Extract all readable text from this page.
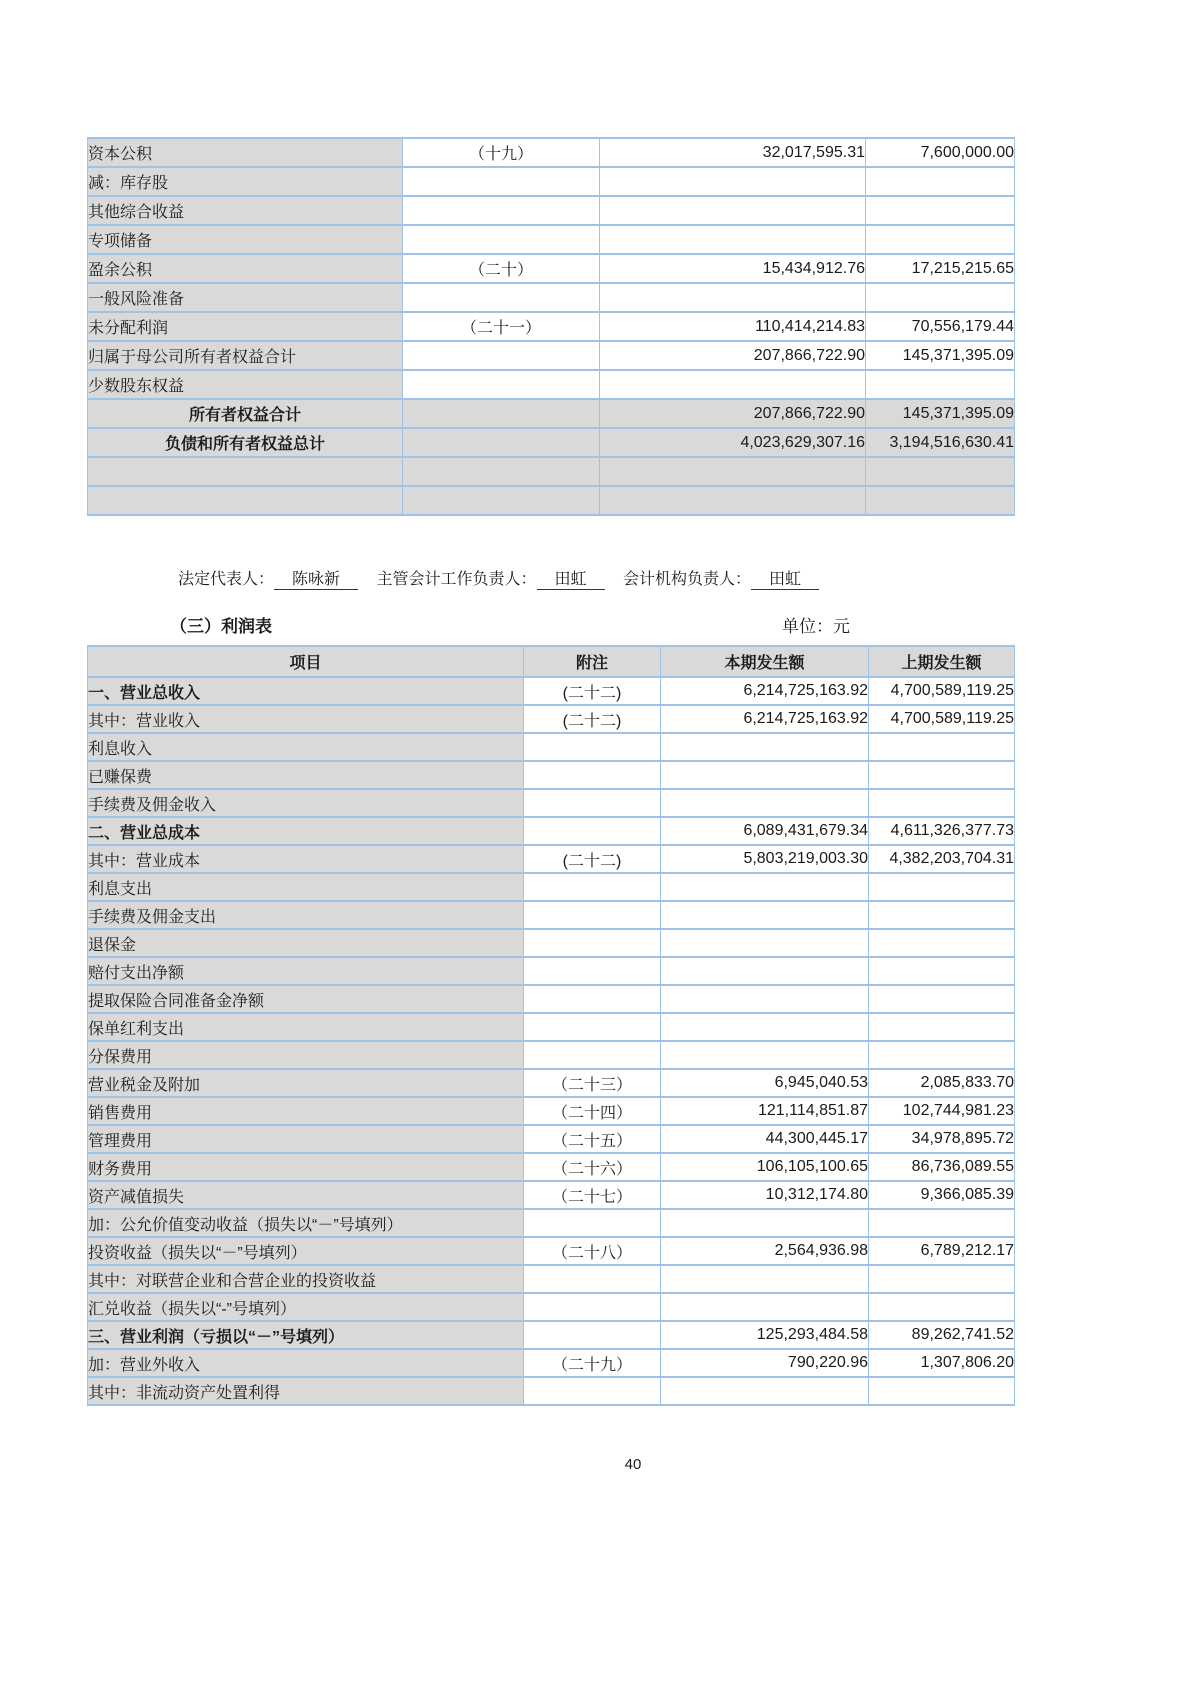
资本公积	（十九）	32,017,595.31	7,600,000.00
减：库存股			
其他综合收益			
专项储备			
盈余公积	（二十）	15,434,912.76	17,215,215.65
一般风险准备			
未分配利润	（二十一）	110,414,214.83	70,556,179.44
归属于母公司所有者权益合计		207,866,722.90	145,371,395.09
少数股东权益			
所有者权益合计		207,866,722.90	145,371,395.09
负债和所有者权益总计		4,023,629,307.16	3,194,516,630.41

法定代表人： 陈咏新 主管会计工作负责人： 田虹 会计机构负责人： 田虹
（三）利润表	单位：元
项目	附注	本期发生额	上期发生额
一、营业总收入	(二十二)	6,214,725,163.92	4,700,589,119.25
其中：营业收入	(二十二)	6,214,725,163.92	4,700,589,119.25
利息收入			
已赚保费			
手续费及佣金收入			
二、营业总成本		6,089,431,679.34	4,611,326,377.73
其中：营业成本	(二十二)	5,803,219,003.30	4,382,203,704.31
利息支出			
手续费及佣金支出			
退保金			
赔付支出净额			
提取保险合同准备金净额			
保单红利支出			
分保费用			
营业税金及附加	（二十三）	6,945,040.53	2,085,833.70
销售费用	（二十四）	121,114,851.87	102,744,981.23
管理费用	（二十五）	44,300,445.17	34,978,895.72
财务费用	（二十六）	106,105,100.65	86,736,089.55
资产减值损失	（二十七）	10,312,174.80	9,366,085.39
加：公允价值变动收益（损失以“－”号填列）			
投资收益（损失以“－”号填列）	（二十八）	2,564,936.98	6,789,212.17
其中：对联营企业和合营企业的投资收益			
汇兑收益（损失以“-”号填列）			
三、营业利润（亏损以“－”号填列）		125,293,484.58	89,262,741.52
加：营业外收入	（二十九）	790,220.96	1,307,806.20
其中：非流动资产处置利得			
40
